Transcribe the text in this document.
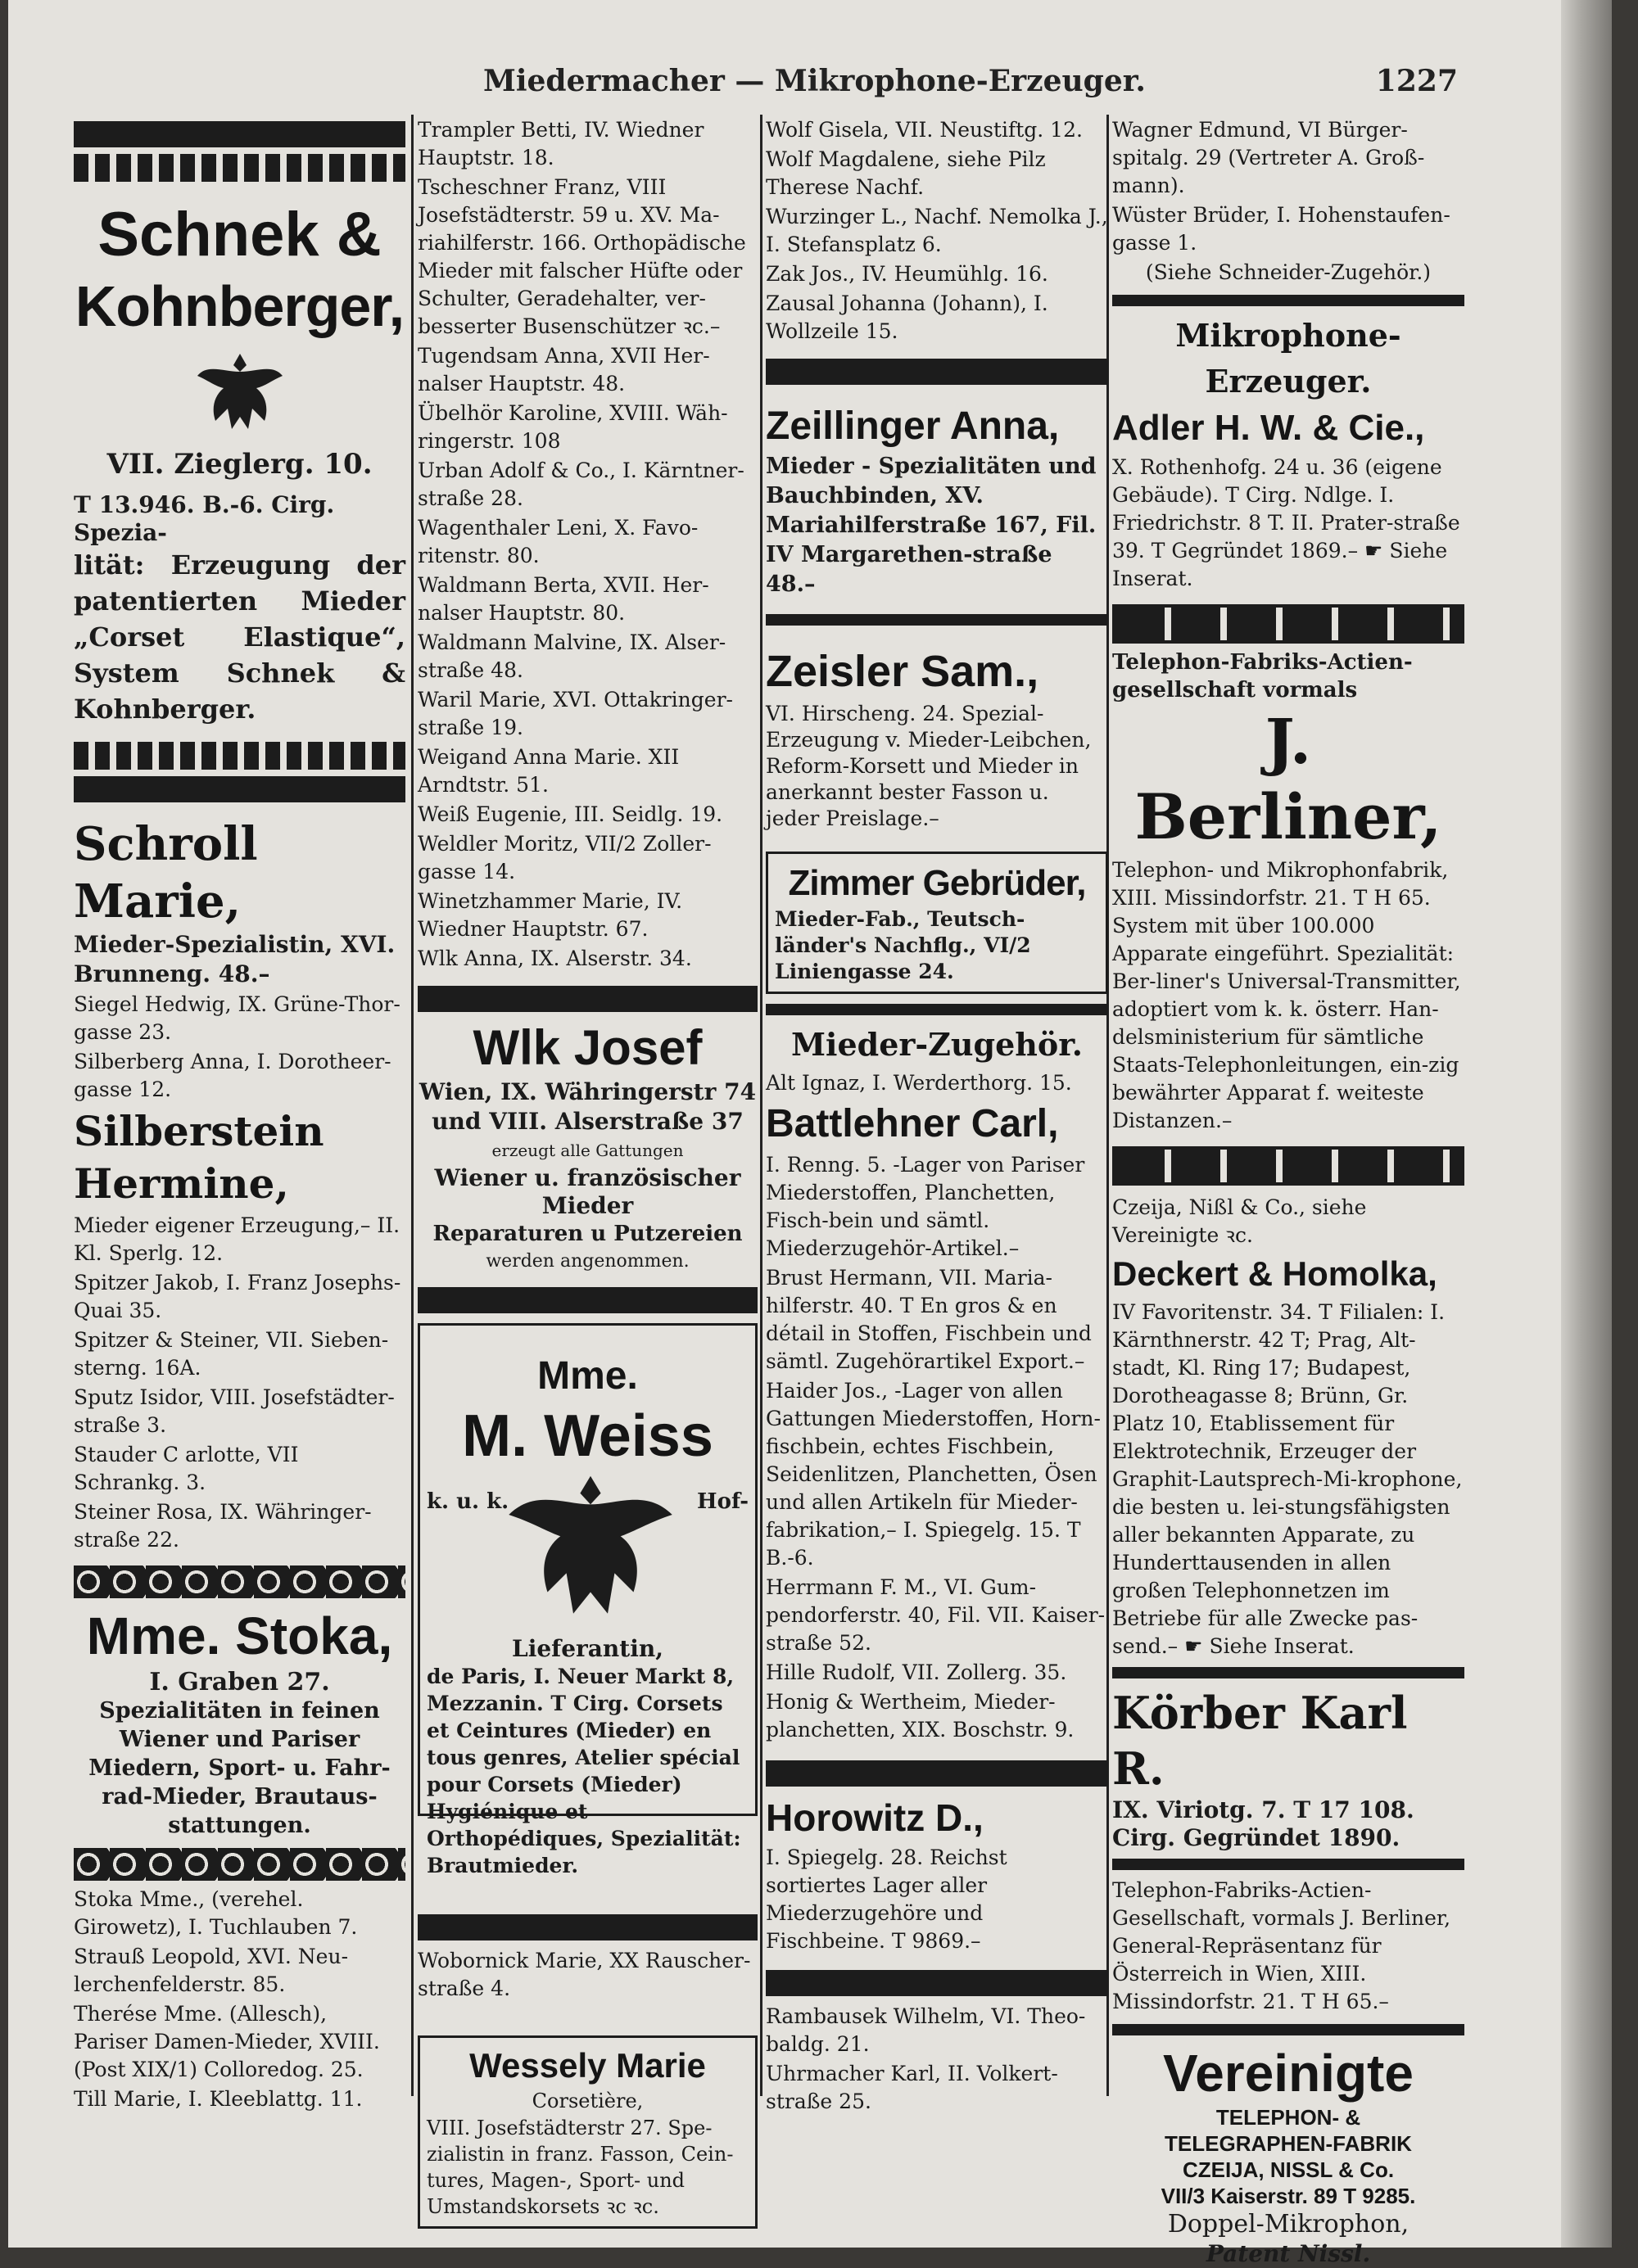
Miedermacher — Mikrophone-Erzeuger.	1227
Schnek &
Kohnberger,
VII. Zieglerg. 10.
T 13.946. B.-6. Cirg. Spezia-
lität: Erzeugung der patentierten Mieder „Corset Elastique“, System Schnek & Kohnberger.
Schroll Marie,
Mieder-Spezialistin, XVI. Brunneng. 48.–
Siegel Hedwig, IX. Grüne-Thor-gasse 23.
Silberberg Anna, I. Dorotheer-gasse 12.
Silberstein Hermine,
Mieder eigener Erzeugung,– II. Kl. Sperlg. 12.
Spitzer Jakob, I. Franz Josephs-Quai 35.
Spitzer & Steiner, VII. Sieben-sterng. 16A.
Sputz Isidor, VIII. Josefstädter-straße 3.
Stauder C arlotte, VII Schrankg. 3.
Steiner Rosa, IX. Währinger-straße 22.
Mme. Stoka,
I. Graben 27.
Spezialitäten in feinen Wiener und Pariser Miedern, Sport- u. Fahr-rad-Mieder, Brautaus-stattungen.
Stoka Mme., (verehel. Girowetz), I. Tuchlauben 7.
Strauß Leopold, XVI. Neu-lerchenfelderstr. 85.
Therése Mme. (Allesch), Pariser Damen-Mieder, XVIII. (Post XIX/1) Colloredog. 25.
Till Marie, I. Kleeblattg. 11.
Trampler Betti, IV. Wiedner Hauptstr. 18.
Tscheschner Franz, VIII Josefstädterstr. 59 u. XV. Ma-riahilferstr. 166. Orthopädische Mieder mit falscher Hüfte oder Schulter, Geradehalter, ver-besserter Busenschützer ꝛc.–
Tugendsam Anna, XVII Her-nalser Hauptstr. 48.
Übelhör Karoline, XVIII. Wäh-ringerstr. 108
Urban Adolf & Co., I. Kärntner-straße 28.
Wagenthaler Leni, X. Favo-ritenstr. 80.
Waldmann Berta, XVII. Her-nalser Hauptstr. 80.
Waldmann Malvine, IX. Alser-straße 48.
Waril Marie, XVI. Ottakringer-straße 19.
Weigand Anna Marie. XII Arndtstr. 51.
Weiß Eugenie, III. Seidlg. 19.
Weldler Moritz, VII/2 Zoller-gasse 14.
Winetzhammer Marie, IV. Wiedner Hauptstr. 67.
Wlk Anna, IX. Alserstr. 34.
Wlk Josef
Wien, IX. Währingerstr 74 und VIII. Alserstraße 37
erzeugt alle Gattungen
Wiener u. französischer Mieder
Reparaturen u Putzereien
werden angenommen.
Mme.
M. Weiss
k. u. k.	Hof-
Lieferantin,
de Paris, I. Neuer Markt 8, Mezzanin. T Cirg. Corsets et Ceintures (Mieder) en tous genres, Atelier spécial pour Corsets (Mieder) Hygiénique et Orthopédiques, Spezialität: Brautmieder.
Wobornick Marie, XX Rauscher-straße 4.
Wessely Marie
Corsetière,
VIII. Josefstädterstr 27. Spe-zialistin in franz. Fasson, Cein-tures, Magen-, Sport- und Umstandskorsets ꝛc ꝛc.
Wolf Gisela, VII. Neustiftg. 12.
Wolf Magdalene, siehe Pilz Therese Nachf.
Wurzinger L., Nachf. Nemolka J., I. Stefansplatz 6.
Zak Jos., IV. Heumühlg. 16.
Zausal Johanna (Johann), I. Wollzeile 15.
Zeillinger Anna,
Mieder - Spezialitäten und Bauchbinden, XV. Mariahilferstraße 167, Fil. IV Margarethen-straße 48.–
Zeisler Sam.,
VI. Hirscheng. 24. Spezial-Erzeugung v. Mieder-Leibchen, Reform-Korsett und Mieder in anerkannt bester Fasson u. jeder Preislage.–
Zimmer Gebrüder,
Mieder-Fab., Teutsch-länder's Nachflg., VI/2 Liniengasse 24.
Mieder-Zugehör.
Alt Ignaz, I. Werderthorg. 15.
Battlehner Carl,
I. Renng. 5. -Lager von Pariser Miederstoffen, Planchetten, Fisch-bein und sämtl. Miederzugehör-Artikel.–
Brust Hermann, VII. Maria-hilferstr. 40. T En gros & en détail in Stoffen, Fischbein und sämtl. Zugehörartikel Export.–
Haider Jos., -Lager von allen Gattungen Miederstoffen, Horn-fischbein, echtes Fischbein, Seidenlitzen, Planchetten, Ösen und allen Artikeln für Mieder-fabrikation,– I. Spiegelg. 15. T B.-6.
Herrmann F. M., VI. Gum-pendorferstr. 40, Fil. VII. Kaiser-straße 52.
Hille Rudolf, VII. Zollerg. 35.
Honig & Wertheim, Mieder-planchetten, XIX. Boschstr. 9.
Horowitz D.,
I. Spiegelg. 28. Reichst sortiertes Lager aller Miederzugehöre und Fischbeine. T 9869.–
Rambausek Wilhelm, VI. Theo-baldg. 21.
Uhrmacher Karl, II. Volkert-straße 25.
Wagner Edmund, VI Bürger-spitalg. 29 (Vertreter A. Groß-mann).
Wüster Brüder, I. Hohenstaufen-gasse 1.
(Siehe Schneider-Zugehör.)
Mikrophone-Erzeuger.
Adler H. W. & Cie.,
X. Rothenhofg. 24 u. 36 (eigene Gebäude). T Cirg. Ndlge. I. Friedrichstr. 8 T. II. Prater-straße 39. T Gegründet 1869.– ☛ Siehe Inserat.
Telephon-Fabriks-Actien-gesellschaft vormals
J. Berliner,
Telephon- und Mikrophonfabrik, XIII. Missindorfstr. 21. T H 65. System mit über 100.000 Apparate eingeführt. Spezialität: Ber-liner's Universal-Transmitter, adoptiert vom k. k. österr. Han-delsministerium für sämtliche Staats-Telephonleitungen, ein-zig bewährter Apparat f. weiteste Distanzen.–
Czeija, Nißl & Co., siehe Vereinigte ꝛc.
Deckert & Homolka,
IV Favoritenstr. 34. T Filialen: I. Kärnthnerstr. 42 T; Prag, Alt-stadt, Kl. Ring 17; Budapest, Dorotheagasse 8; Brünn, Gr. Platz 10, Etablissement für Elektrotechnik, Erzeuger der Graphit-Lautsprech-Mi-krophone, die besten u. lei-stungsfähigsten aller bekannten Apparate, zu Hunderttausenden in allen großen Telephonnetzen im Betriebe für alle Zwecke pas-send.– ☛ Siehe Inserat.
Körber Karl R.
IX. Viriotg. 7. T 17 108. Cirg. Gegründet 1890.
Telephon-Fabriks-Actien-Gesellschaft, vormals J. Berliner, General-Repräsentanz für Österreich in Wien, XIII. Missindorfstr. 21. T H 65.–
Vereinigte
TELEPHON- &
TELEGRAPHEN-FABRIK
CZEIJA, NISSL & Co.
VII/3 Kaiserstr. 89 T 9285.
Doppel-Mikrophon,
Patent Nissl.
